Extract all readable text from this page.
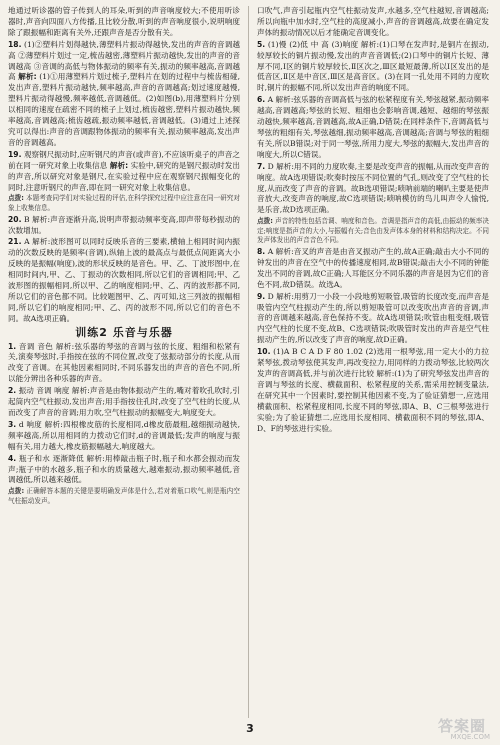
地通过听诊器的管子传到人的耳朵,听到的声音响度较大;不使用听诊器时,声音向四面八方传播,且比较分散,听到的声音响度很小,说明响度除了跟振幅和距离有关外,还跟声音是否分散有关。

18. (1)②塑料片划得越快,薄塑料片振动得越快,发出的声音的音调越高 ②薄塑料片划过一定,梳齿越密,薄塑料片振动越快,发出的声音的音调越高 ③音调的高低与物体振动的频率有关,振动的频率越高,音调越高 解析: (1)①用薄塑料片划过梳子,塑料片在划的过程中与梳齿相碰,发出声音,塑料片振动越快,频率越高,声音的音调越高;划过速度越慢,塑料片振动得越慢,频率越低,音调越低。(2)如图(b),用薄塑料片分别以相同的速度在疏密不同的梳子上划过,梳齿越密,塑料片振动越快,频率越高,音调越高;梳齿越疏,振动频率越低,音调越低。(3)通过上述探究可以得出:声音的音调跟物体振动的频率有关,振动频率越高,发出声音的音调越高。

19. 观察钢尺振动时,应听钢尺的声音(或声音),不应该听桌子的声音之前在同一研究对象上收集信息 解析: 实验中,研究的是钢尺振动时发出的声音,所以研究对象是钢尺,在实验过程中应在观察钢尺振幅变化的同时,注意听钢尺的声音,即在同一研究对象上收集信息。

点拨: 本题考查同学们对实验过程的评估,在科学探究过程中应注意在同一研究对象上收集信息。

20. B 解析:声音逐渐升高,说明声带振动频率变高,即声带每秒振动的次数增加。

21. A 解析:波形图可以同时反映乐音的三要素,横轴上相同时间内振动的次数反映的是频率(音调),纵轴上波的最高点与最低点间距离大小反映的是振幅(响度),波的形状反映的是音色。甲、乙、丁波形图中,在相同时间内,甲、乙、丁振动的次数相同,所以它们的音调相同;甲、乙波形图的振幅相同,所以甲、乙的响度相同;甲、乙、丙的波形都不同,所以它们的音色都不同。比较题图甲、乙、丙可知,这三列波的振幅相同,所以它们的响度相同;甲、乙、丙的波形不同,所以它们的音色不同。故A选项正确。

训练2 乐音与乐器

1. 音调 音色 解析:弦乐器的琴弦的音调与弦的长度、粗细和松紧有关,演奏琴弦时,手指按在弦的不同位置,改变了弦振动部分的长度,从而改变了音调。在其他因素相同时,不同乐器发出的声音的音色不同,所以能分辨出各种乐器的声音。

2. 振动 音调 响度 解析:声音是由物体振动产生的,嘴对着吹孔吹时,引起筒内空气柱振动,发出声音;用手指按住孔时,改变了空气柱的长度,从而改变了声音的音调;用力吹,空气柱振动的振幅变大,响度变大。

3. d 响度 解析:四根橡皮筋的长度相同,d橡皮筋最粗,越细振动越快,频率越高,所以用相同的力拨动它们时,d的音调最低;发声的响度与振幅有关,用力越大,橡皮筋振幅越大,响度越大。

4. 瓶子和水 逐渐降低 解析:用棒敲击瓶子时,瓶子和水都会振动而发声;瓶子中的水越多,瓶子和水的质量越大,越难振动,振动频率越低,音调越低,所以越来越低。

点拨: 正确解答本题的关键是要明确发声体是什么,若对着瓶口吹气,则是瓶内空气柱振动发声。

口吹气,声音引起瓶内空气柱振动发声,水越多,空气柱越短,音调越高;所以向瓶中加水时,空气柱的高度减小,声音的音调越高,故要在确定发声体的振动情况以后才能确定音调变化。

5. (1)慢 (2)低 中 高 (3)响度 解析:(1)口琴在发声时,是铜片在振动,较厚较长的铜片振动慢,发出的声音音调低;(2)口琴中的铜片长短、薄厚不同,Ⅰ区的铜片较厚较长,Ⅱ区次之,Ⅲ区最短最薄,所以Ⅰ区发出的是低音区,Ⅱ区是中音区,Ⅲ区是高音区。(3)在同一孔处用不同的力度吹时,铜片的振幅不同,所以发出声音的响度不同。

6. A 解析:弦乐器的音调高低与弦的松紧程度有关,琴弦越紧,振动频率越高,音调越高;琴弦的长短、粗细也会影响音调,越短、越细的琴弦振动越快,频率越高,音调越高,故A正确,D错误;在同样条件下,音调高低与琴弦的粗细有关,琴弦越细,振动频率越高,音调越高;音调与琴弦的粗细有关,所以B错误;对于同一琴弦,所用力度大,琴弦的振幅大,发出声音的响度大,所以C错误。

7. D 解析:用不同的力度吹奏,主要是改变声音的振幅,从而改变声音的响度。故A选项错误;吹奏时按压不同位置的气孔,则改变了空气柱的长度,从而改变了声音的音调。故B选项错误;唢呐前端的喇叭主要是使声音放大,改变声音的响度,故C选项错误;唢呐模仿的鸟儿叫声令人愉悦,是乐音,故D选项正确。

点拨: 声音的特性包括音调、响度和音色。音调是指声音的高低,由振动的频率决定;响度是指声音的大小,与振幅有关;音色由发声体本身的材料和结构决定。不同发声体发出的声音音色不同。

8. A 解析:音叉的声音是由音叉振动产生的,故A正确;敲击大小不同的钟发出的声音在空气中的传播速度相同,故B错误;敲击大小不同的钟能发出不同的音调,故C正确;人耳能区分不同乐器的声音是因为它们的音色不同,故D错误。故选A。

9. D 解析:用剪刀一小段一小段地剪短吸管,吸管的长度改变,而声音是吸管内空气柱振动产生的,所以剪短吸管可以改变吹出声音的音调,声音的音调越来越高,音色保持不变。故A选项错误;吹管由粗变细,吸管内空气柱的长度不变,故B、C选项错误;吹吸管时发出的声音是空气柱振动产生的,所以改变了声音的响度,故D正确。

10. (1)A B C A D F 80 1.02 (2)选用一根琴弦,用一定大小的力拉紧琴弦,拨动琴弦使其发声,再改变拉力,用同样的力拨动琴弦,比较两次发声的音调高低,并与前次进行比较 解析:(1)为了研究琴弦发出声音的音调与琴弦的长度、横截面积、松紧程度的关系,需采用控制变量法,在研究其中一个因素时,要控制其他因素不变,为了验证猜想一,应选用横截面积、松紧程度相同,长度不同的琴弦,即A、B、C三根琴弦进行实验;为了验证猜想二,应选用长度相同、横截面积不同的琴弦,即A、D、F的琴弦进行实验。

3	答案圈
MXQE.COM
